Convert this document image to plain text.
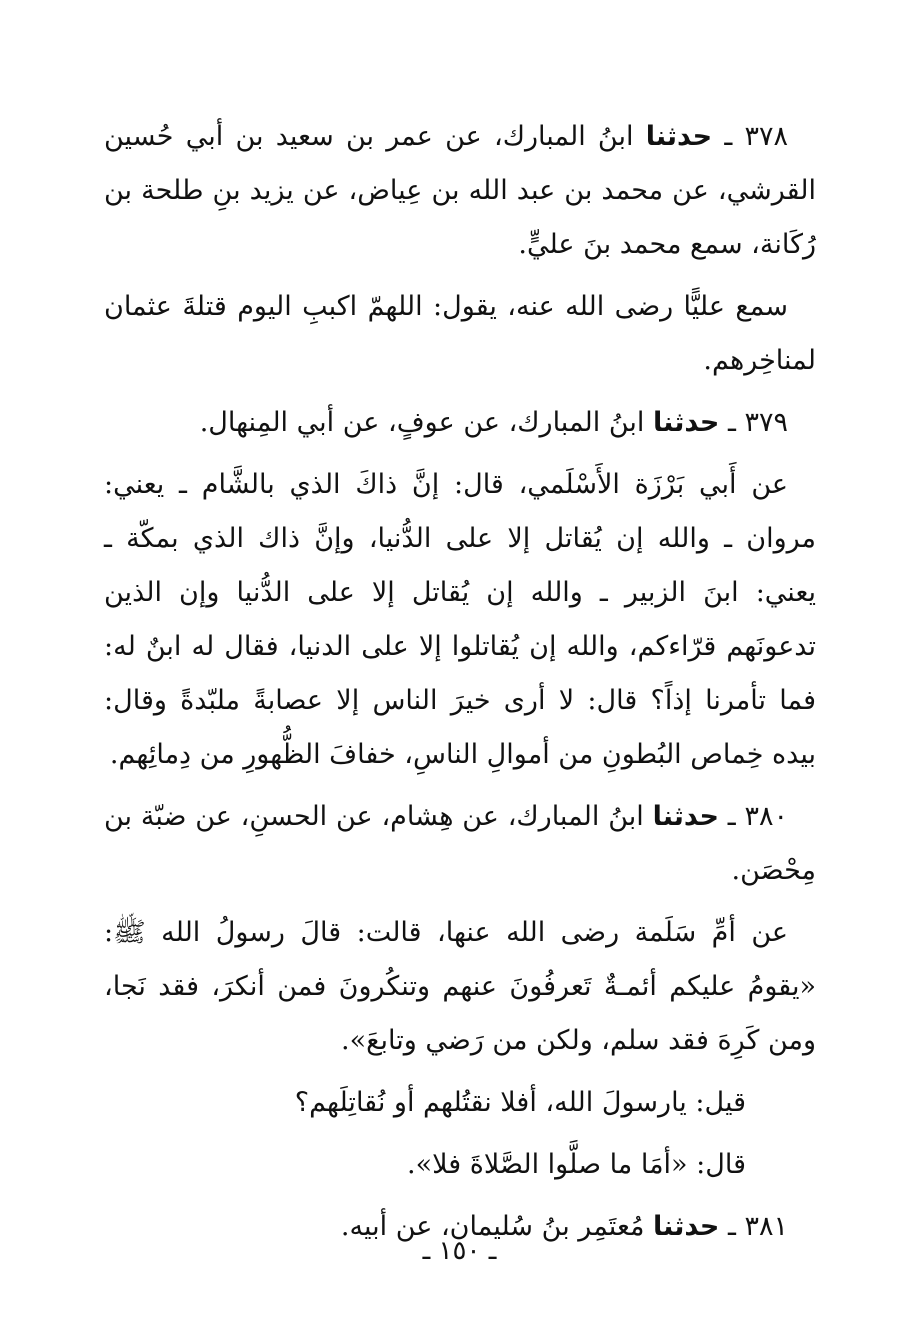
٣٧٨ ـ حدثنا ابنُ المبارك، عن عمر بن سعيد بن أبي حُسين القرشي، عن محمد بن عبد الله بن عِياض، عن يزيد بنِ طلحة بن رُكَانة، سمع محمد بنَ عليٍّ.

سمع عليًّا رضى الله عنه، يقول: اللهمّ اكببِ اليوم قتلةَ عثمان لمناخِرهم.

٣٧٩ ـ حدثنا ابنُ المبارك، عن عوفٍ، عن أبي المِنهال.

عن أَبي بَرْزَة الأَسْلَمي، قال: إنَّ ذاكَ الذي بالشَّام ـ يعني: مروان ـ والله إن يُقاتل إلا على الدُّنيا، وإنَّ ذاك الذي بمكّة ـ يعني: ابنَ الزبير ـ والله إن يُقاتل إلا على الدُّنيا وإن الذين تدعونَهم قرّاءكم، والله إن يُقاتلوا إلا على الدنيا، فقال له ابنٌ له: فما تأمرنا إذاً؟ قال: لا أرى خيرَ الناس إلا عصابةً ملبّدةً وقال: بيده خِماص البُطونِ من أموالِ الناسِ، خفافَ الظُّهورِ من دِمائِهم.

٣٨٠ ـ حدثنا ابنُ المبارك، عن هِشام، عن الحسنِ، عن ضبّة بن مِحْصَن.

عن أمِّ سَلَمة رضى الله عنها، قالت: قالَ رسولُ الله ﷺ: «يقومُ عليكم أئمـةٌ تَعرفُونَ عنهم وتنكُرونَ فمن أنكرَ، فقد نَجا، ومن كَرِهَ فقد سلم، ولكن من رَضي وتابعَ».

قيل: يارسولَ الله، أفلا نقتُلهم أو نُقاتِلَهم؟

قال: «أمَا ما صلَّوا الصَّلاةَ فلا».

٣٨١ ـ حدثنا مُعتَمِر بنُ سُليمان، عن أبيه.

ـ ١٥٠ ـ
